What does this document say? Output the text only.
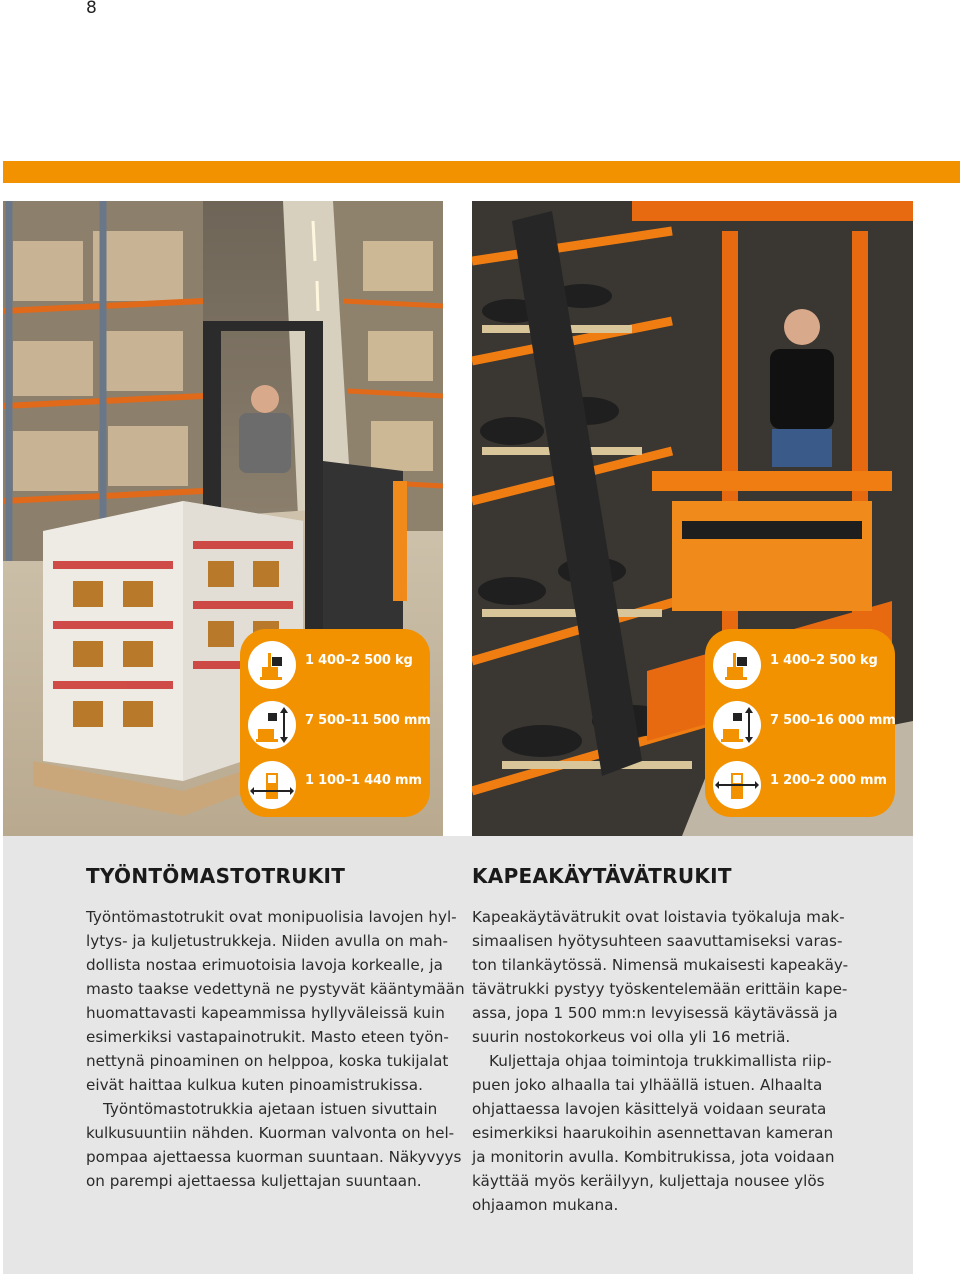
8
1 400–2 500 kg
7 500–11 500 mm
1 100–1 440 mm
1 400–2 500 kg
7 500–16 000 mm
1 200–2 000 mm
TYÖNTÖMASTOTRUKIT	KAPEAKÄYTÄVÄTRUKIT
Työntömastotrukit ovat monipuolisia lavojen hyl-
lytys- ja kuljetustrukkeja. Niiden avulla on mah-
dollista nostaa erimuotoisia lavoja korkealle, ja
masto taakse vedettynä ne pystyvät kääntymään
huomattavasti kapeammissa hyllyväleissä kuin
esimerkiksi vastapainotrukit. Masto eteen työn-
nettynä pinoaminen on helppoa, koska tukijalat
eivät haittaa kulkua kuten pinoamistrukissa.
Työntömastotrukkia ajetaan istuen sivuttain
kulkusuuntiin nähden. Kuorman valvonta on hel-
pompaa ajettaessa kuorman suuntaan. Näkyvyys
on parempi ajettaessa kuljettajan suuntaan.
Kapeakäytävätrukit ovat loistavia työkaluja mak-
simaalisen hyötysuhteen saavuttamiseksi varas-
ton tilankäytössä. Nimensä mukaisesti kapeakäy-
tävätrukki pystyy työskentelemään erittäin kape-
assa, jopa 1 500 mm:n levyisessä käytävässä ja
suurin nostokorkeus voi olla yli 16 metriä.
Kuljettaja ohjaa toimintoja trukkimallista riip-
puen joko alhaalla tai ylhäällä istuen. Alhaalta
ohjattaessa lavojen käsittelyä voidaan seurata
esimerkiksi haarukoihin asennettavan kameran
ja monitorin avulla. Kombitrukissa, jota voidaan
käyttää myös keräilyyn, kuljettaja nousee ylös
ohjaamon mukana.
